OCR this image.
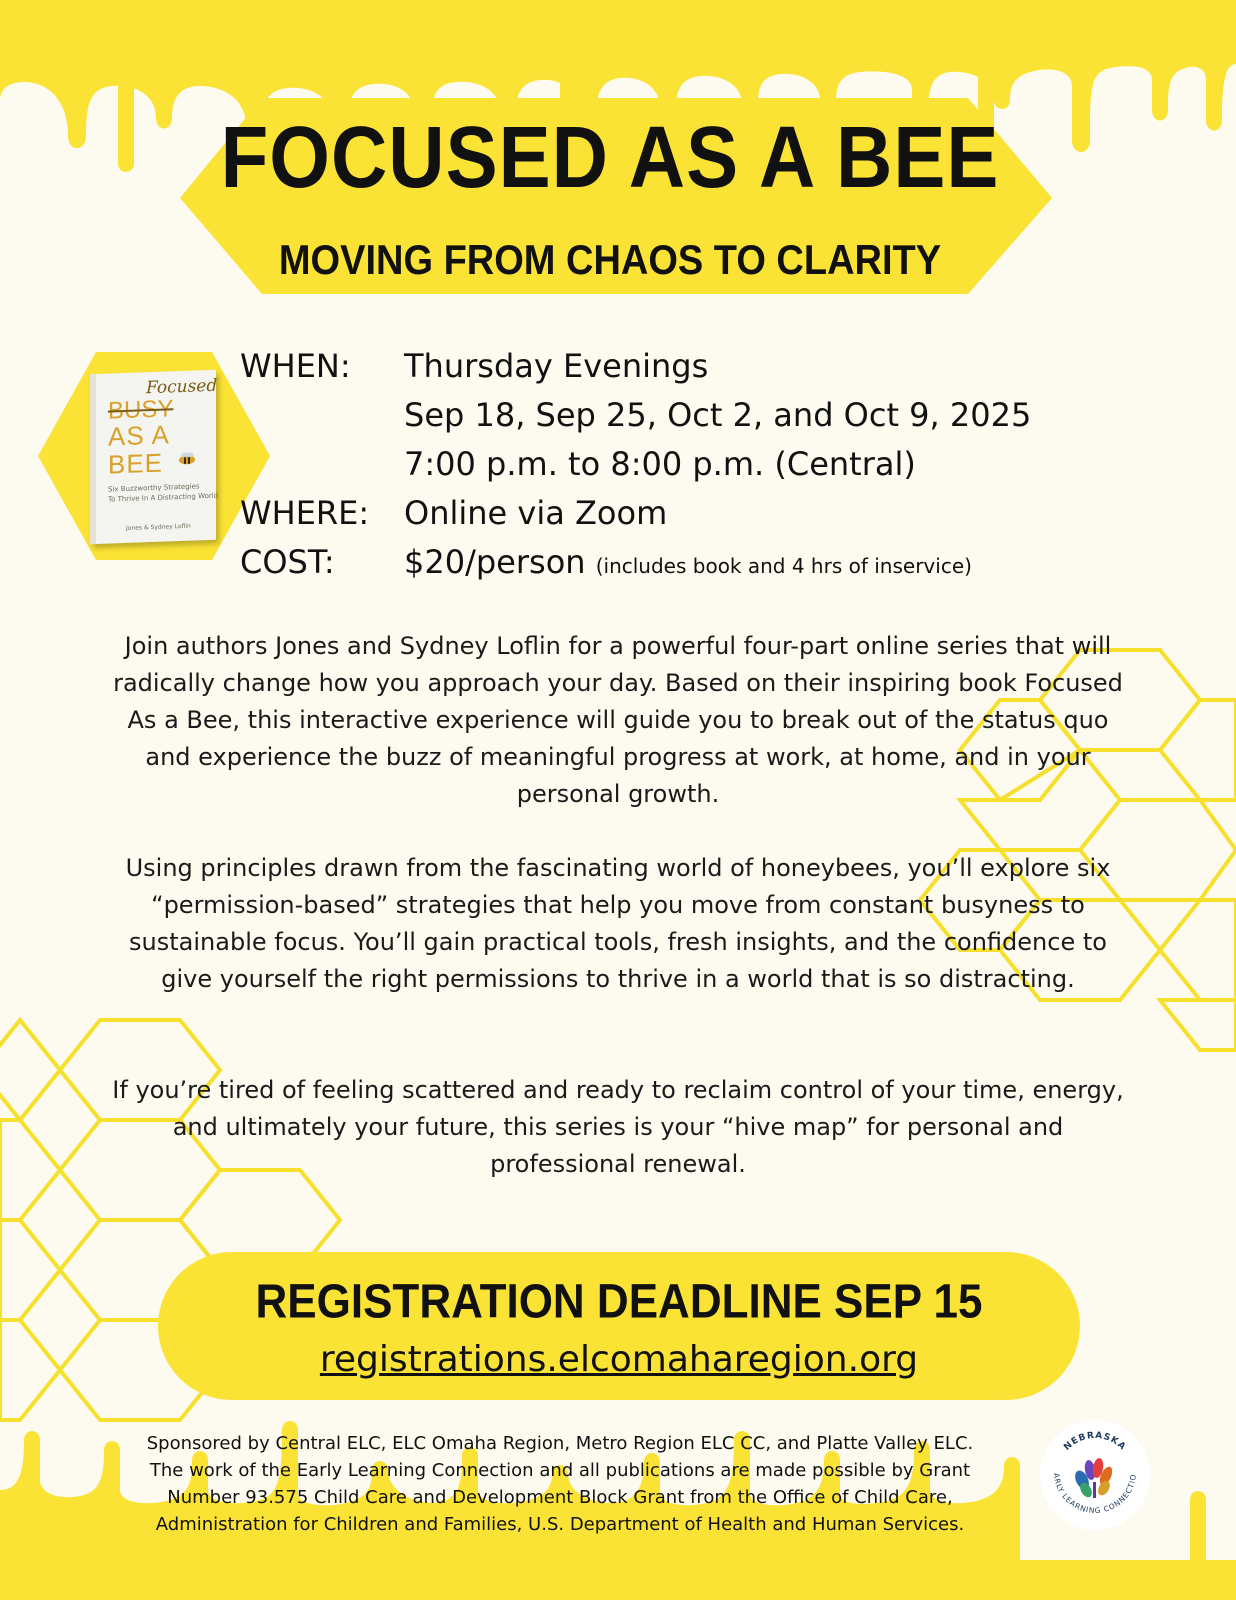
Focused
BUSY
AS A
BEE
Six Buzzworthy Strategies
To Thrive In A Distracting World
Jones & Sydney Loflin
FOCUSED AS A BEE
MOVING FROM CHAOS TO CLARITY
WHEN:	Thursday Evenings
Sep 18, Sep 25, Oct 2, and Oct 9, 2025
7:00 p.m. to 8:00 p.m. (Central)
WHERE:	Online via Zoom
COST:	$20/person (includes book and 4 hrs of inservice)
Join authors Jones and Sydney Loflin for a powerful four-part online series that will radically change how you approach your day. Based on their inspiring book Focused As a Bee, this interactive experience will guide you to break out of the status quo and experience the buzz of meaningful progress at work, at home, and in your personal growth.
Using principles drawn from the fascinating world of honeybees, you’ll explore six “permission-based” strategies that help you move from constant busyness to sustainable focus. You’ll gain practical tools, fresh insights, and the confidence to give yourself the right permissions to thrive in a world that is so distracting.
If you’re tired of feeling scattered and ready to reclaim control of your time, energy, and ultimately your future, this series is your “hive map” for personal and professional renewal.
REGISTRATION DEADLINE SEP 15
registrations.elcomaharegion.org
Sponsored by Central ELC, ELC Omaha Region, Metro Region ELC CC, and Platte Valley ELC.
The work of the Early Learning Connection and all publications are made possible by Grant
Number 93.575 Child Care and Development Block Grant from the Office of Child Care,
Administration for Children and Families, U.S. Department of Health and Human Services.
NEBRASKA
ARLY LEARNING CONNECTIO
